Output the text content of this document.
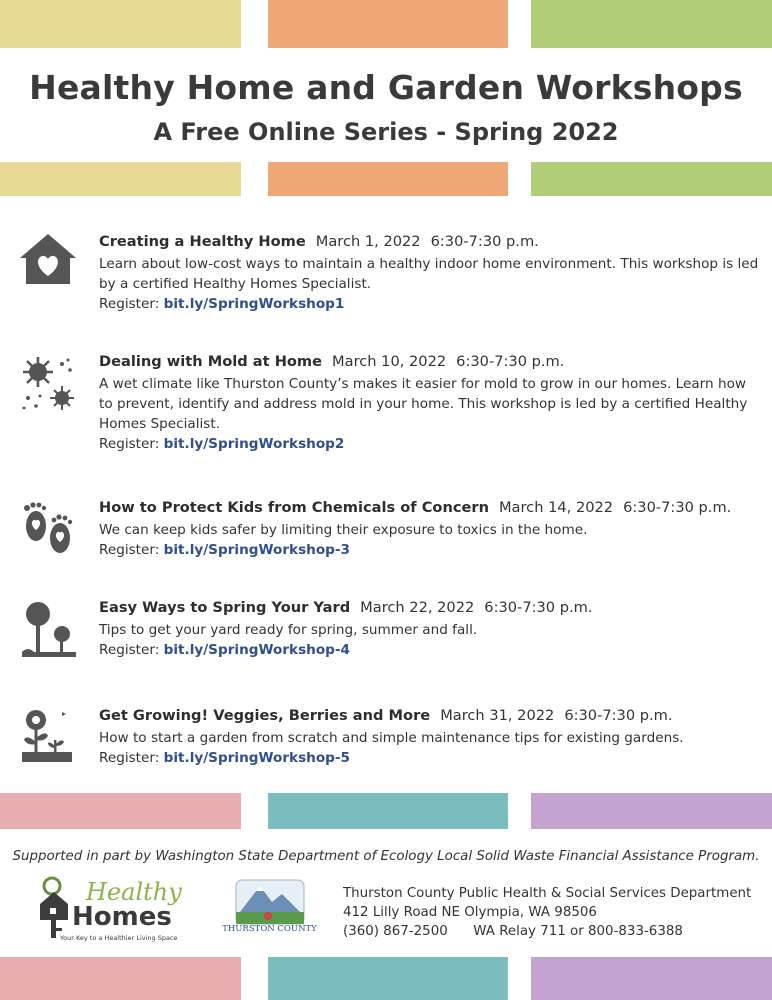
Healthy Home and Garden Workshops
A Free Online Series - Spring 2022
Creating a Healthy Home March 1, 2022 6:30-7:30 p.m.
Learn about low-cost ways to maintain a healthy indoor home environment. This workshop is led by a certified Healthy Homes Specialist.
Register: bit.ly/SpringWorkshop1
Dealing with Mold at Home March 10, 2022 6:30-7:30 p.m.
A wet climate like Thurston County’s makes it easier for mold to grow in our homes. Learn how to prevent, identify and address mold in your home. This workshop is led by a certified Healthy Homes Specialist.
Register: bit.ly/SpringWorkshop2
How to Protect Kids from Chemicals of Concern March 14, 2022 6:30-7:30 p.m.
We can keep kids safer by limiting their exposure to toxics in the home.
Register: bit.ly/SpringWorkshop-3
Easy Ways to Spring Your Yard March 22, 2022 6:30-7:30 p.m.
Tips to get your yard ready for spring, summer and fall.
Register: bit.ly/SpringWorkshop-4
Get Growing! Veggies, Berries and More March 31, 2022 6:30-7:30 p.m.
How to start a garden from scratch and simple maintenance tips for existing gardens.
Register: bit.ly/SpringWorkshop-5
Supported in part by Washington State Department of Ecology Local Solid Waste Financial Assistance Program.
Healthy
Homes
Your Key to a Healthier Living Space
THURSTON COUNTY
Thurston County Public Health & Social Services Department
412 Lilly Road NE Olympia, WA 98506
(360) 867-2500      WA Relay 711 or 800-833-6388
